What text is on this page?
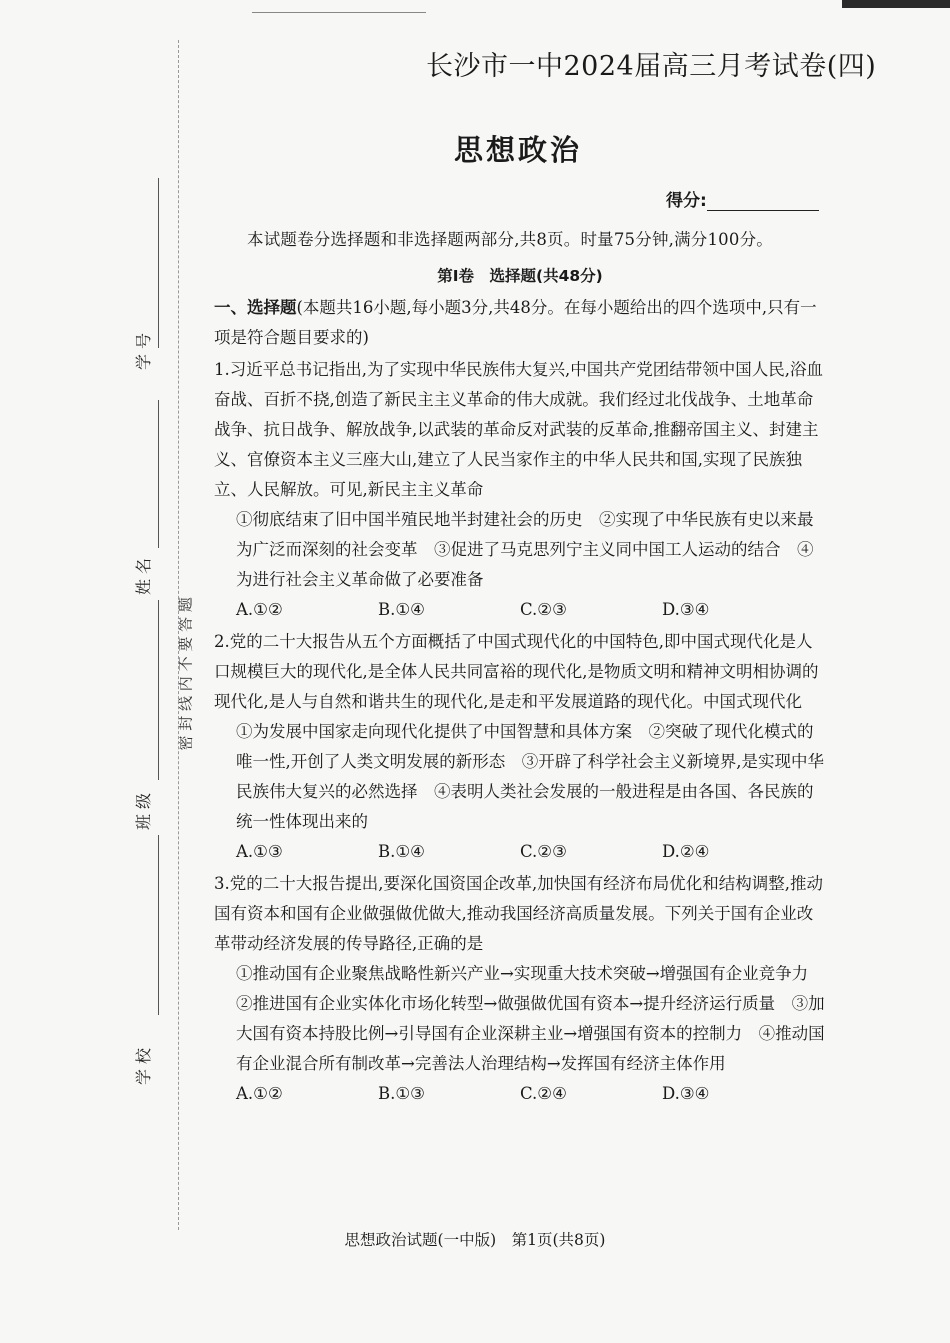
学 号
姓 名
班 级
学 校
密 封 线 内 不 要 答 题
长沙市一中2024届高三月考试卷(四)
思想政治
得分:

本试题卷分选择题和非选择题两部分,共8页。时量75分钟,满分100分。

第Ⅰ卷　选择题(共48分)

一、选择题(本题共16小题,每小题3分,共48分。在每小题给出的四个选项中,只有一项是符合题目要求的)

1.习近平总书记指出,为了实现中华民族伟大复兴,中国共产党团结带领中国人民,浴血奋战、百折不挠,创造了新民主主义革命的伟大成就。我们经过北伐战争、土地革命战争、抗日战争、解放战争,以武装的革命反对武装的反革命,推翻帝国主义、封建主义、官僚资本主义三座大山,建立了人民当家作主的中华人民共和国,实现了民族独立、人民解放。可见,新民主主义革命

①彻底结束了旧中国半殖民地半封建社会的历史　②实现了中华民族有史以来最为广泛而深刻的社会变革　③促进了马克思列宁主义同中国工人运动的结合　④为进行社会主义革命做了必要准备

A.①②	B.①④	C.②③	D.③④

2.党的二十大报告从五个方面概括了中国式现代化的中国特色,即中国式现代化是人口规模巨大的现代化,是全体人民共同富裕的现代化,是物质文明和精神文明相协调的现代化,是人与自然和谐共生的现代化,是走和平发展道路的现代化。中国式现代化

①为发展中国家走向现代化提供了中国智慧和具体方案　②突破了现代化模式的唯一性,开创了人类文明发展的新形态　③开辟了科学社会主义新境界,是实现中华民族伟大复兴的必然选择　④表明人类社会发展的一般进程是由各国、各民族的统一性体现出来的

A.①③	B.①④	C.②③	D.②④

3.党的二十大报告提出,要深化国资国企改革,加快国有经济布局优化和结构调整,推动国有资本和国有企业做强做优做大,推动我国经济高质量发展。下列关于国有企业改革带动经济发展的传导路径,正确的是

①推动国有企业聚焦战略性新兴产业→实现重大技术突破→增强国有企业竞争力　②推进国有企业实体化市场化转型→做强做优国有资本→提升经济运行质量　③加大国有资本持股比例→引导国有企业深耕主业→增强国有资本的控制力　④推动国有企业混合所有制改革→完善法人治理结构→发挥国有经济主体作用

A.①②	B.①③	C.②④	D.③④
思想政治试题(一中版)　第1页(共8页)
